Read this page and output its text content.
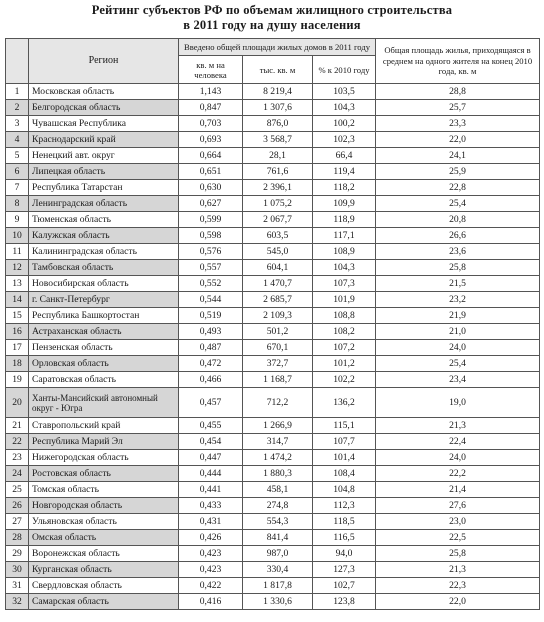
Рейтинг субъектов РФ по объемам жилищного строительства
в 2011 году на душу населения
	Регион	Введено общей площади жилых домов в 2011 году			Общая площадь жилья, приходящаяся в среднем на одного жителя на конец 2010 года, кв. м
		кв. м на человека	тыс. кв. м	% к 2010 году	
1	Московская область	1,143	8 219,4	103,5	28,8
2	Белгородская область	0,847	1 307,6	104,3	25,7
3	Чувашская Республика	0,703	876,0	100,2	23,3
4	Краснодарский край	0,693	3 568,7	102,3	22,0
5	Ненецкий авт. округ	0,664	28,1	66,4	24,1
6	Липецкая область	0,651	761,6	119,4	25,9
7	Республика Татарстан	0,630	2 396,1	118,2	22,8
8	Ленинградская область	0,627	1 075,2	109,9	25,4
9	Тюменская область	0,599	2 067,7	118,9	20,8
10	Калужская область	0,598	603,5	117,1	26,6
11	Калининградская область	0,576	545,0	108,9	23,6
12	Тамбовская область	0,557	604,1	104,3	25,8
13	Новосибирская область	0,552	1 470,7	107,3	21,5
14	г. Санкт-Петербург	0,544	2 685,7	101,9	23,2
15	Республика Башкортостан	0,519	2 109,3	108,8	21,9
16	Астраханская область	0,493	501,2	108,2	21,0
17	Пензенская область	0,487	670,1	107,2	24,0
18	Орловская область	0,472	372,7	101,2	25,4
19	Саратовская область	0,466	1 168,7	102,2	23,4
20	Ханты-Мансийский автономный округ - Югра	0,457	712,2	136,2	19,0
21	Ставропольский край	0,455	1 266,9	115,1	21,3
22	Республика Марий Эл	0,454	314,7	107,7	22,4
23	Нижегородская область	0,447	1 474,2	101,4	24,0
24	Ростовская область	0,444	1 880,3	108,4	22,2
25	Томская область	0,441	458,1	104,8	21,4
26	Новгородская область	0,433	274,8	112,3	27,6
27	Ульяновская область	0,431	554,3	118,5	23,0
28	Омская область	0,426	841,4	116,5	22,5
29	Воронежская область	0,423	987,0	94,0	25,8
30	Курганская область	0,423	330,4	127,3	21,3
31	Свердловская область	0,422	1 817,8	102,7	22,3
32	Самарская область	0,416	1 330,6	123,8	22,0
